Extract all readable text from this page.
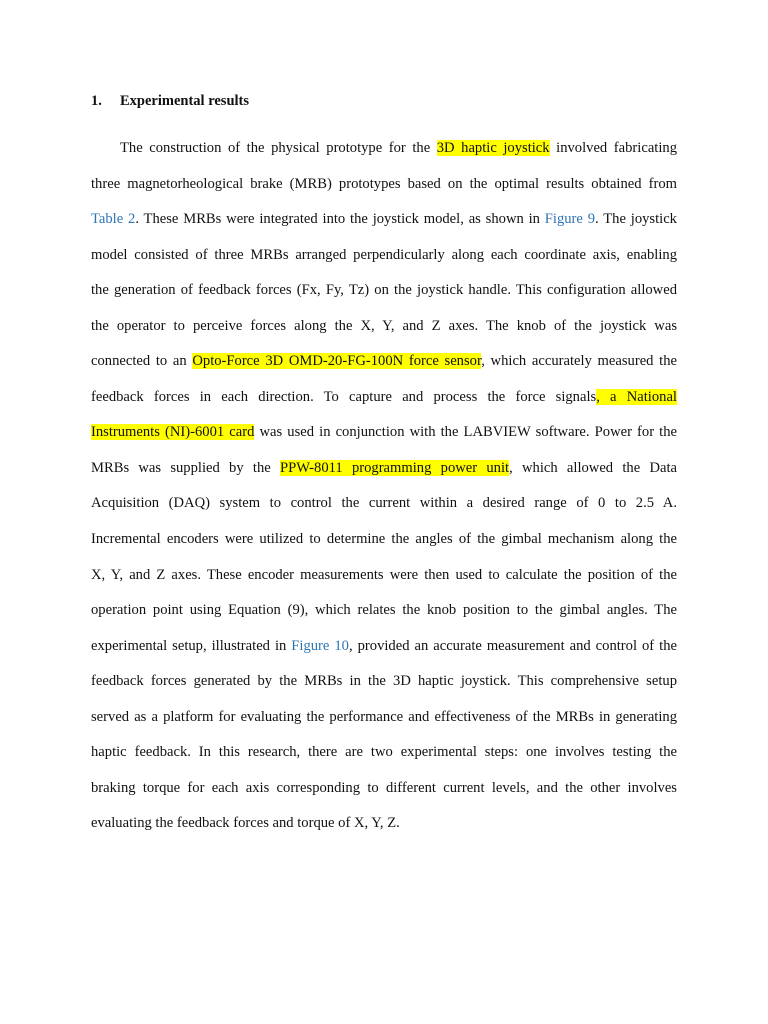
1. Experimental results
The construction of the physical prototype for the 3D haptic joystick involved fabricating
three magnetorheological brake (MRB) prototypes based on the optimal results obtained from
Table 2. These MRBs were integrated into the joystick model, as shown in Figure 9. The joystick
model consisted of three MRBs arranged perpendicularly along each coordinate axis, enabling
the generation of feedback forces (Fx, Fy, Tz) on the joystick handle. This configuration allowed
the operator to perceive forces along the X, Y, and Z axes. The knob of the joystick was
connected to an Opto-Force 3D OMD-20-FG-100N force sensor, which accurately measured the
feedback forces in each direction. To capture and process the force signals, a National
Instruments (NI)-6001 card was used in conjunction with the LABVIEW software. Power for the
MRBs was supplied by the PPW-8011 programming power unit, which allowed the Data
Acquisition (DAQ) system to control the current within a desired range of 0 to 2.5 A.
Incremental encoders were utilized to determine the angles of the gimbal mechanism along the
X, Y, and Z axes. These encoder measurements were then used to calculate the position of the
operation point using Equation (9), which relates the knob position to the gimbal angles. The
experimental setup, illustrated in Figure 10, provided an accurate measurement and control of the
feedback forces generated by the MRBs in the 3D haptic joystick. This comprehensive setup
served as a platform for evaluating the performance and effectiveness of the MRBs in generating
haptic feedback. In this research, there are two experimental steps: one involves testing the
braking torque for each axis corresponding to different current levels, and the other involves
evaluating the feedback forces and torque of X, Y, Z.
